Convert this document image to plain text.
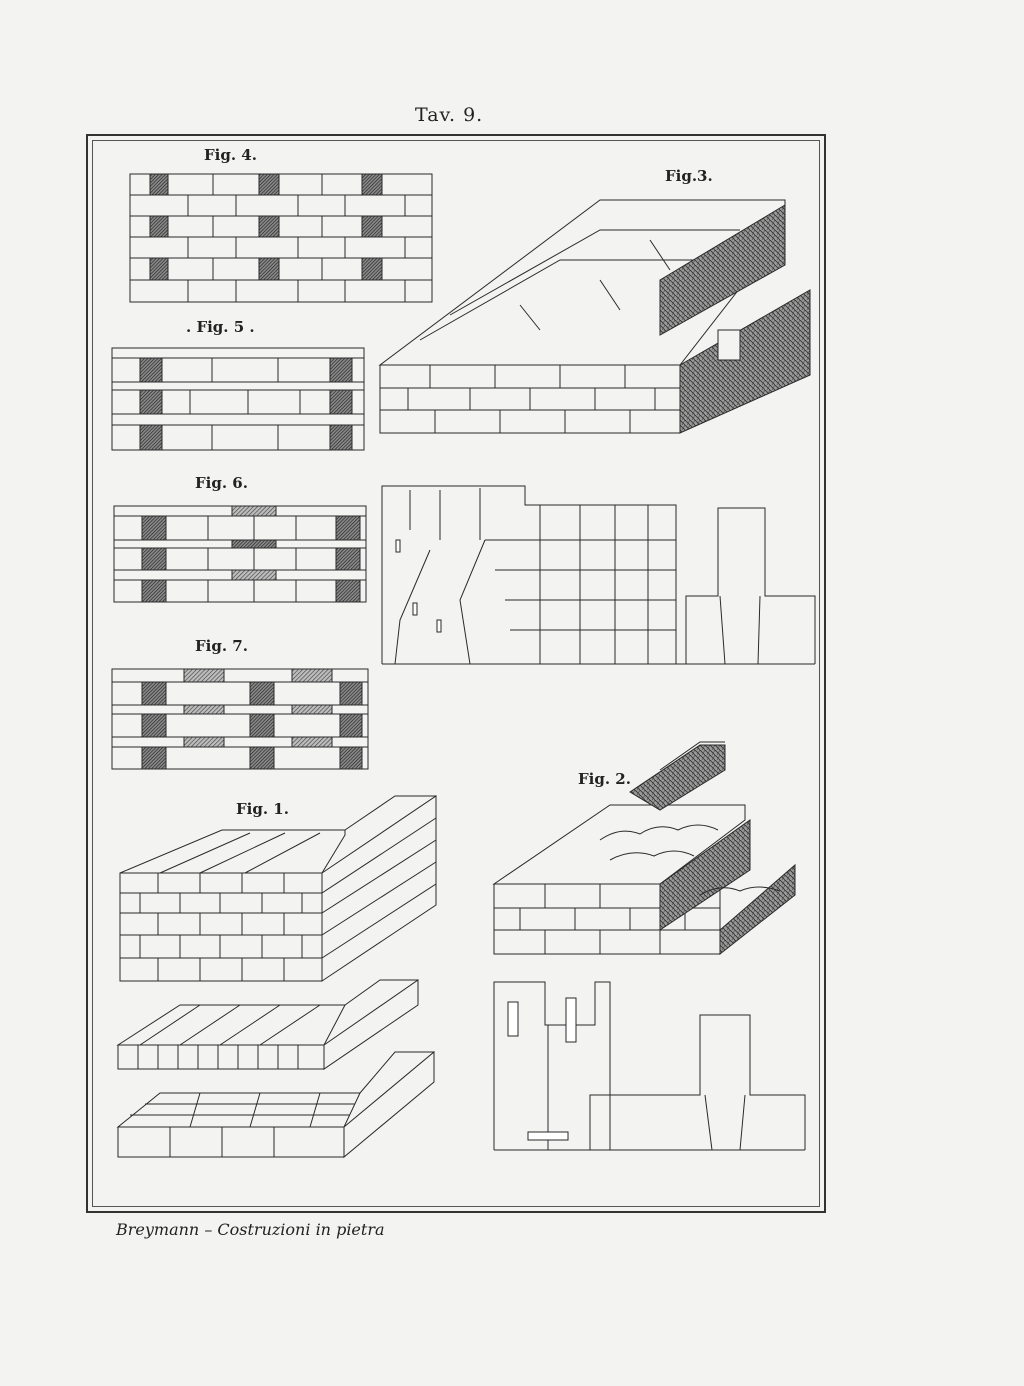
Tav. 9.
Fig. 4.
Fig.3.
. Fig. 5 .
Fig. 6.
Fig. 7.
Fig. 1.
Fig. 2.
Breymann – Costruzioni in pietra
